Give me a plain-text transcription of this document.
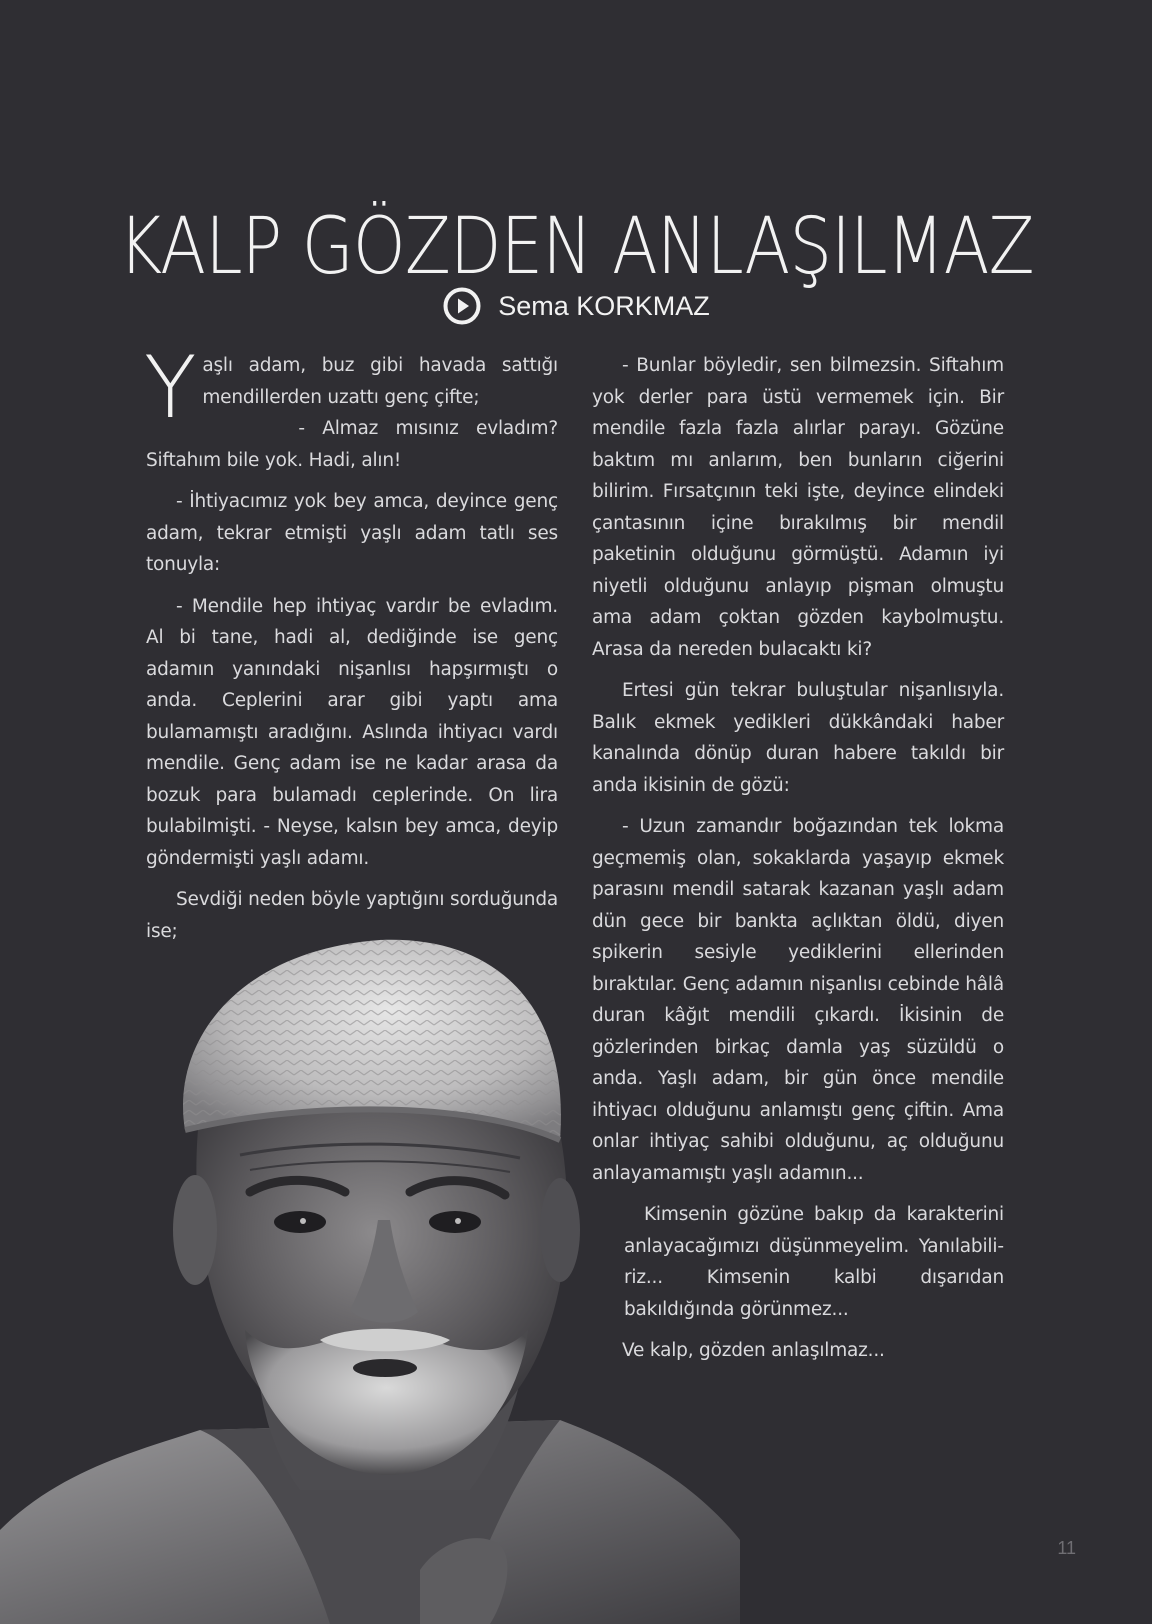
KALP GÖZDEN ANLAŞILMAZ
Sema KORKMAZ

Yaşlı adam, buz gibi havada sattığı mendillerden uzattı genç çifte;
- Almaz mısınız evladım? Siftahım bile yok. Hadi, alın!

- İhtiyacımız yok bey amca, deyince genç adam, tekrar etmişti yaşlı adam tatlı ses tonuyla:

- Mendile hep ihtiyaç vardır be evladım. Al bi tane, hadi al, dediğinde ise genç adamın yanındaki nişanlısı hapşırmıştı o anda. Ceplerini arar gibi yaptı ama bulamamıştı aradığını. Aslında ihtiyacı vardı mendile. Genç adam ise ne kadar arasa da bozuk para bulamadı ceplerinde. On lira bulabilmişti. - Neyse, kalsın bey amca, deyip göndermişti yaşlı adamı.

Sevdiği neden böyle yaptığını sorduğunda ise;

- Bunlar böyledir, sen bilmezsin. Siftahım yok derler para üstü vermemek için. Bir mendile fazla fazla alırlar parayı. Gözüne baktım mı anlarım, ben bunların ciğerini bilirim. Fırsatçının teki işte, deyince elindeki çantasının içine bırakılmış bir mendil paketinin olduğunu görmüştü. Adamın iyi niyetli olduğunu anlayıp pişman olmuştu ama adam çoktan gözden kaybolmuştu. Arasa da nereden bulacaktı ki?

Ertesi gün tekrar buluştular nişanlısıyla. Balık ekmek yedikleri dükkândaki haber kanalında dönüp duran habere takıldı bir anda ikisinin de gözü:

- Uzun zamandır boğazından tek lokma geçmemiş olan, sokaklarda yaşayıp ekmek parasını mendil satarak kazanan yaşlı adam dün gece bir bankta açlıktan öldü, diyen spikerin sesiyle yediklerini ellerinden bıraktılar. Genç adamın nişanlısı cebinde hâlâ duran kâğıt mendili çıkardı. İkisinin de gözlerinden birkaç damla yaş süzüldü o anda. Yaşlı adam, bir gün önce mendile ihtiyacı olduğunu anlamıştı genç çiftin. Ama onlar ihtiyaç sahibi olduğunu, aç olduğunu anlayamamıştı yaşlı adamın...

Kimsenin gözüne bakıp da karakterini anlayacağımızı düşünmeyelim. Yanılabiliriz... Kimsenin kalbi dışarıdan bakıldığında görünmez...

Ve kalp, gözden anlaşılmaz...

11
